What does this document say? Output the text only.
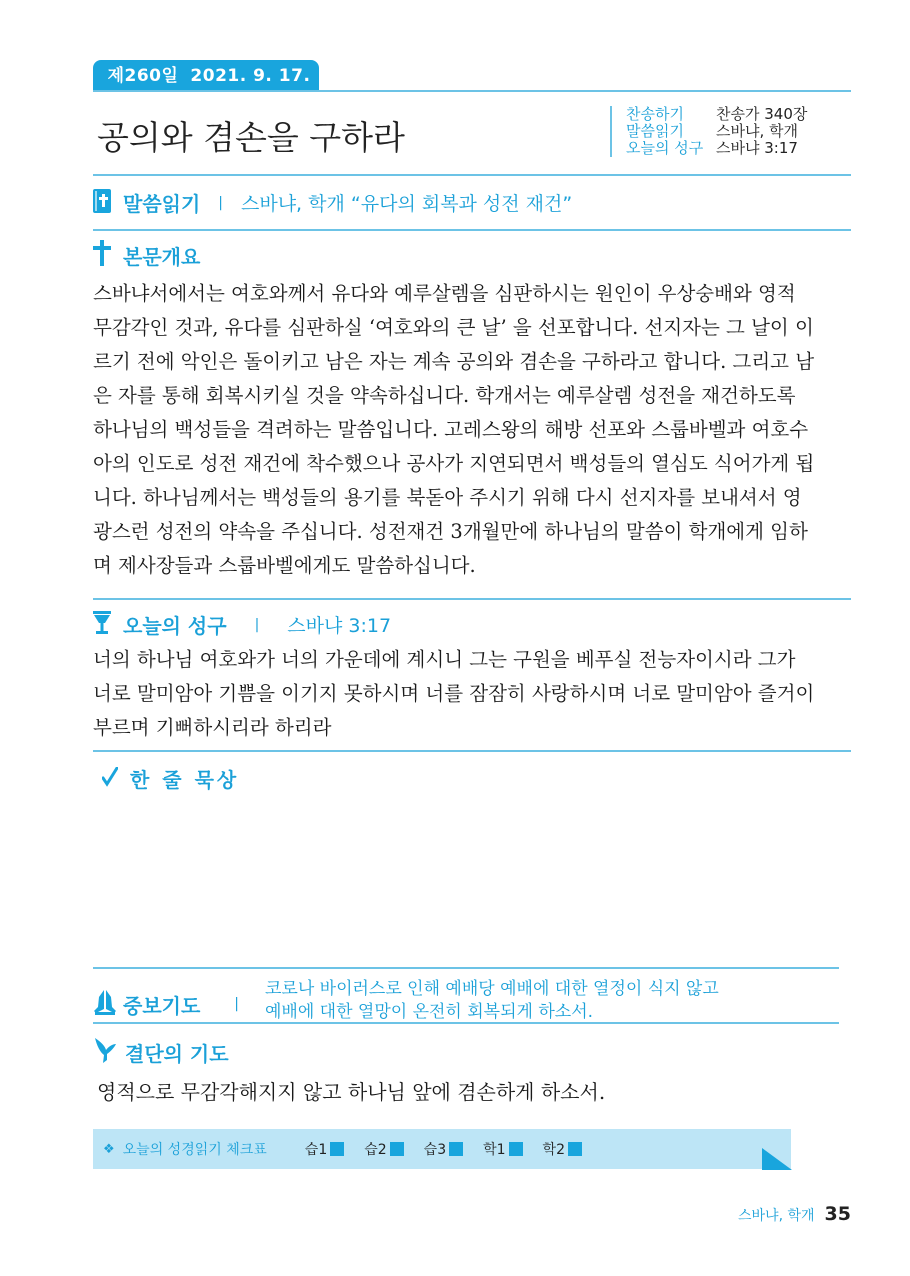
제260일 2021. 9. 17. 금
공의와 겸손을 구하라
찬송하기	찬송가 340장
말씀읽기	스바냐, 학개
오늘의 성구 스바냐 3:17
말씀읽기 | 스바냐, 학개 “유다의 회복과 성전 재건”
본문개요
스바냐서에서는 여호와께서 유다와 예루살렘을 심판하시는 원인이 우상숭배와 영적
무감각인 것과, 유다를 심판하실 ‘여호와의 큰 날’ 을 선포합니다. 선지자는 그 날이 이
르기 전에 악인은 돌이키고 남은 자는 계속 공의와 겸손을 구하라고 합니다. 그리고 남
은 자를 통해 회복시키실 것을 약속하십니다. 학개서는 예루살렘 성전을 재건하도록
하나님의 백성들을 격려하는 말씀입니다. 고레스왕의 해방 선포와 스룹바벨과 여호수
아의 인도로 성전 재건에 착수했으나 공사가 지연되면서 백성들의 열심도 식어가게 됩
니다. 하나님께서는 백성들의 용기를 북돋아 주시기 위해 다시 선지자를 보내셔서 영
광스런 성전의 약속을 주십니다. 성전재건 3개월만에 하나님의 말씀이 학개에게 임하
며 제사장들과 스룹바벨에게도 말씀하십니다.
오늘의 성구 | 스바냐 3:17
너의 하나님 여호와가 너의 가운데에 계시니 그는 구원을 베푸실 전능자이시라 그가
너로 말미암아 기쁨을 이기지 못하시며 너를 잠잠히 사랑하시며 너로 말미암아 즐거이
부르며 기뻐하시리라 하리라
한 줄 묵상
중보기도 |
코로나 바이러스로 인해 예배당 예배에 대한 열정이 식지 않고
예배에 대한 열망이 온전히 회복되게 하소서.
결단의 기도
영적으로 무감각해지지 않고 하나님 앞에 겸손하게 하소서.
❖ 오늘의 성경읽기 체크표	습1	습2	습3	학1	학2
스바냐, 학개 35
